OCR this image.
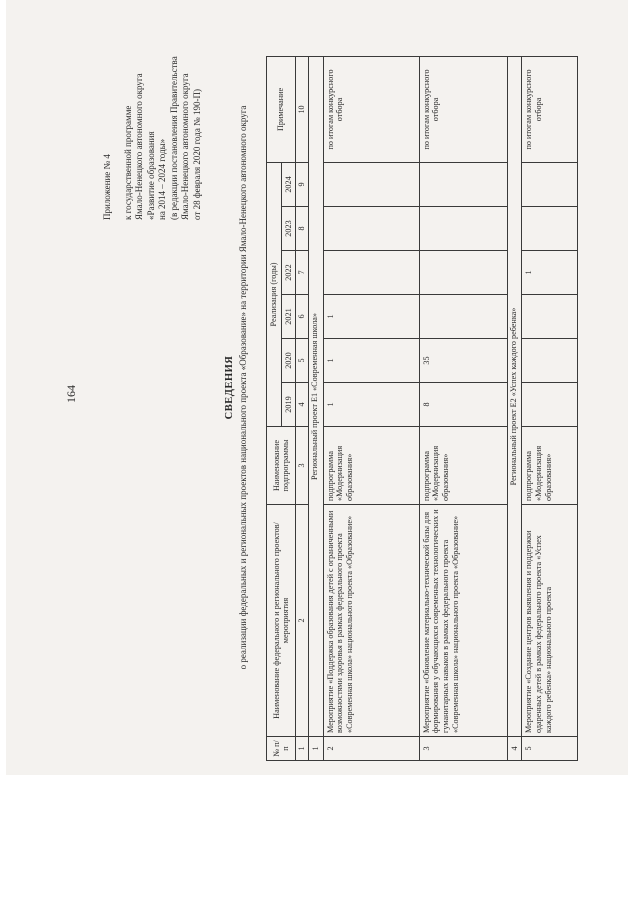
164
Приложение № 4 к государственной программе Ямало-Ненецкого автономного округа «Развитие образования на 2014 – 2024 годы» (в редакции постановления Правительства Ямало-Ненецкого автономного округа от 28 февраля 2020 года № 190-П)
СВЕДЕНИЯ о реализации федеральных и региональных проектов национального проекта «Образование» на территории Ямало-Ненецкого автономного округа
№ п/п	Наименование федерального и регионального проектов/мероприятия	Наименование подпрограммы	Реализация (годы)						Примечание
			2019	2020	2021	2022	2023	2024	
1	2	3	4	5	6	7	8	9	10
1	Региональный проект Е1 «Современная школа»								
2	Мероприятие «Поддержка образования детей с ограниченными возможностями здоровья в рамках федерального проекта «Современная школа» национального проекта «Образование»	подпрограмма «Модернизация образования»	1	1	1				по итогам конкурсного отбора
3	Мероприятие «Обновление материально-технической базы для формирования у обучающихся современных технологических и гуманитарных навыков в рамках федерального проекта «Современная школа» национального проекта «Образование»	подпрограмма «Модернизация образования»	8	35					по итогам конкурсного отбора
4	Региональный проект Е2 «Успех каждого ребенка»								
5	Мероприятие «Создание центров выявления и поддержки одаренных детей в рамках федерального проекта «Успех каждого ребенка» национального проекта	подпрограмма «Модернизация образования»				1			по итогам конкурсного отбора
